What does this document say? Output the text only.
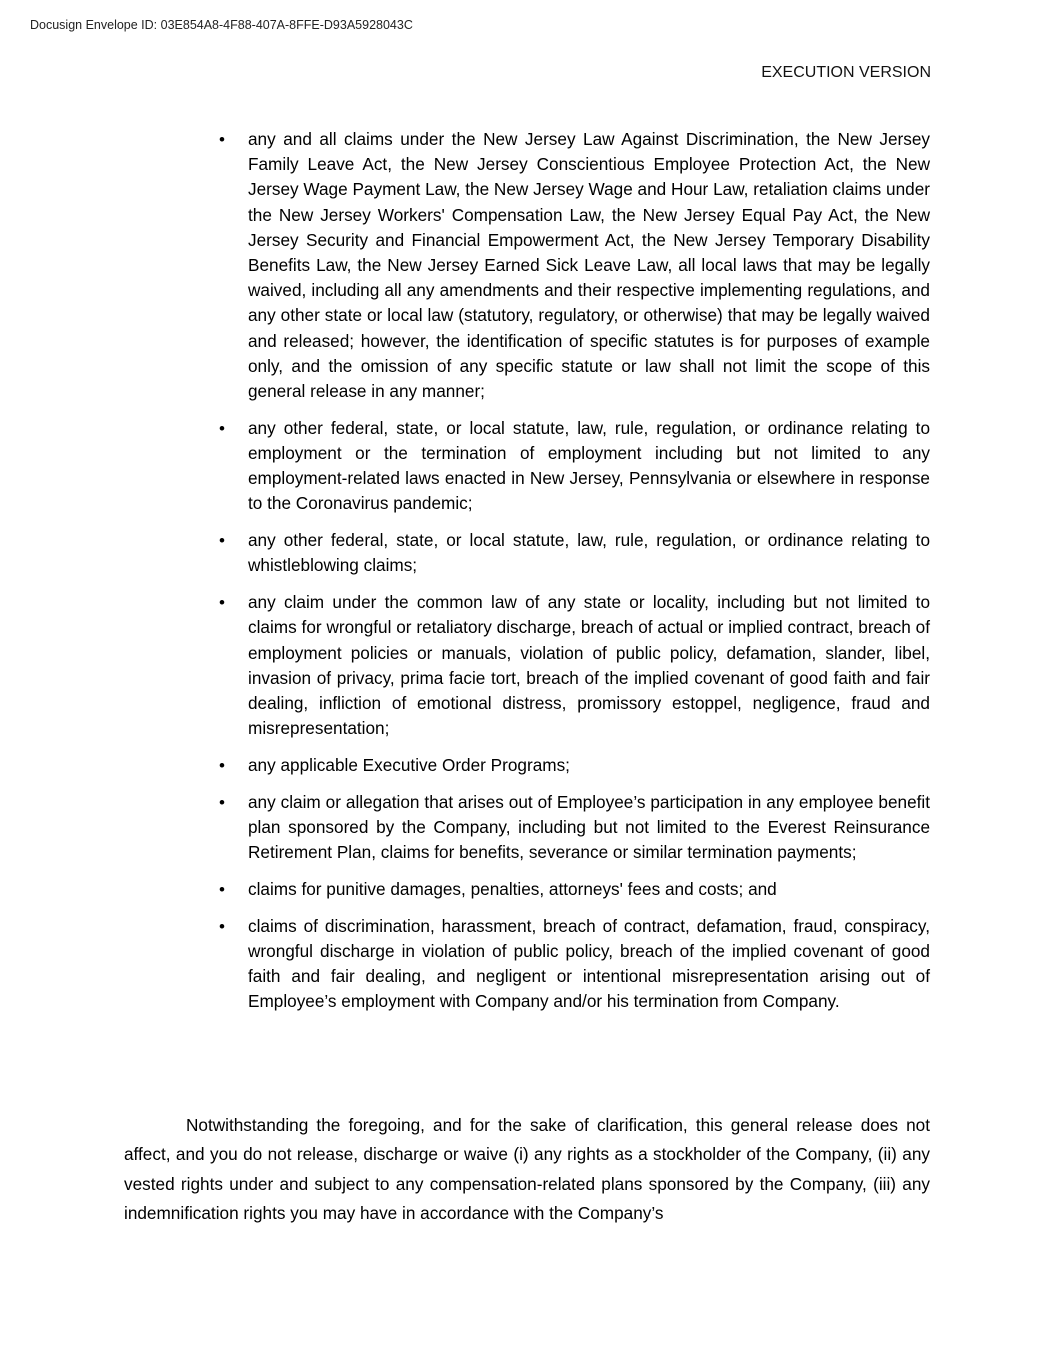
Docusign Envelope ID: 03E854A8-4F88-407A-8FFE-D93A5928043C
EXECUTION VERSION
• any and all claims under the New Jersey Law Against Discrimination, the New Jersey Family Leave Act, the New Jersey Conscientious Employee Protection Act, the New Jersey Wage Payment Law, the New Jersey Wage and Hour Law, retaliation claims under the New Jersey Workers' Compensation Law, the New Jersey Equal Pay Act, the New Jersey Security and Financial Empowerment Act, the New Jersey Temporary Disability Benefits Law, the New Jersey Earned Sick Leave Law, all local laws that may be legally waived, including all any amendments and their respective implementing regulations, and any other state or local law (statutory, regulatory, or otherwise) that may be legally waived and released; however, the identification of specific statutes is for purposes of example only, and the omission of any specific statute or law shall not limit the scope of this general release in any manner;
• any other federal, state, or local statute, law, rule, regulation, or ordinance relating to employment or the termination of employment including but not limited to any employment-related laws enacted in New Jersey, Pennsylvania or elsewhere in response to the Coronavirus pandemic;
• any other federal, state, or local statute, law, rule, regulation, or ordinance relating to whistleblowing claims;
• any claim under the common law of any state or locality, including but not limited to claims for wrongful or retaliatory discharge, breach of actual or implied contract, breach of employment policies or manuals, violation of public policy, defamation, slander, libel, invasion of privacy, prima facie tort, breach of the implied covenant of good faith and fair dealing, infliction of emotional distress, promissory estoppel, negligence, fraud and misrepresentation;
• any applicable Executive Order Programs;
• any claim or allegation that arises out of Employee’s participation in any employee benefit plan sponsored by the Company, including but not limited to the Everest Reinsurance Retirement Plan, claims for benefits, severance or similar termination payments;
• claims for punitive damages, penalties, attorneys' fees and costs; and
• claims of discrimination, harassment, breach of contract, defamation, fraud, conspiracy, wrongful discharge in violation of public policy, breach of the implied covenant of good faith and fair dealing, and negligent or intentional misrepresentation arising out of Employee’s employment with Company and/or his termination from Company.

Notwithstanding the foregoing, and for the sake of clarification, this general release does not affect, and you do not release, discharge or waive (i) any rights as a stockholder of the Company, (ii) any vested rights under and subject to any compensation-related plans sponsored by the Company, (iii) any indemnification rights you may have in accordance with the Company’s
